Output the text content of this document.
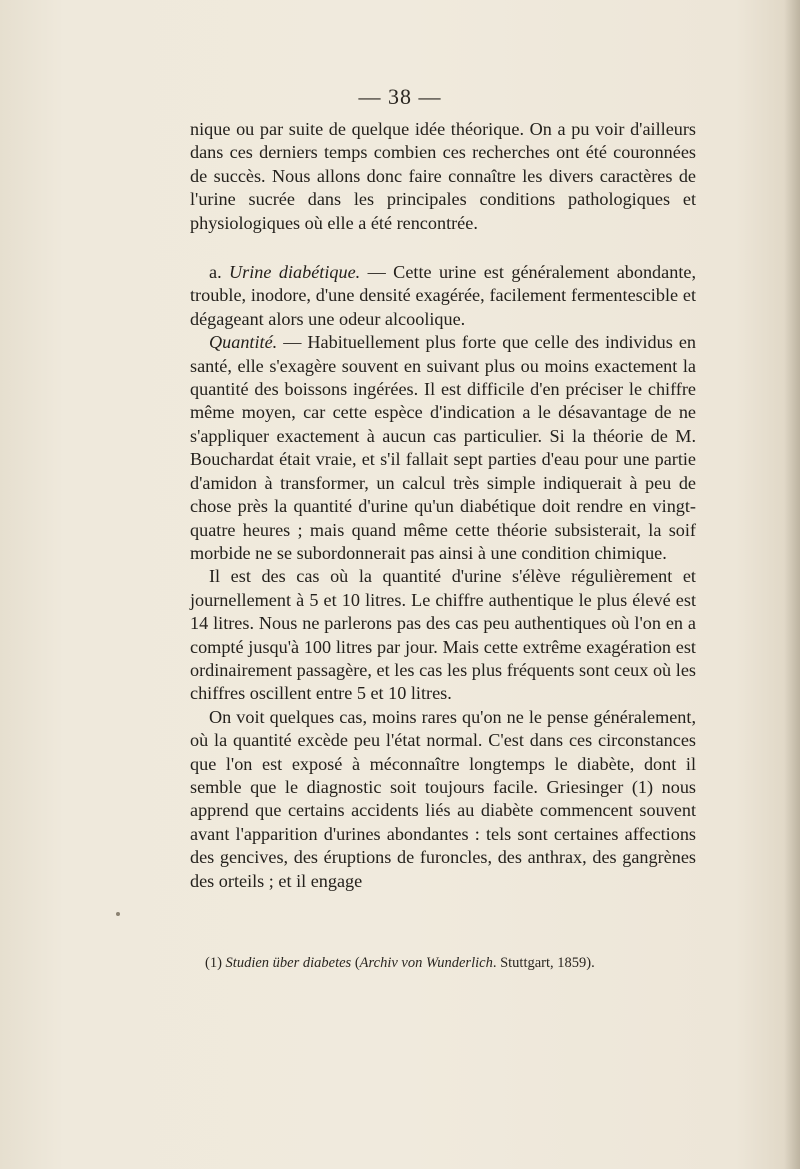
— 38 —

nique ou par suite de quelque idée théorique. On a pu voir d'ailleurs dans ces derniers temps combien ces recherches ont été couronnées de succès. Nous allons donc faire connaître les divers caractères de l'urine sucrée dans les principales conditions pathologiques et physiologiques où elle a été rencontrée.

a. Urine diabétique. — Cette urine est généralement abondante, trouble, inodore, d'une densité exagérée, facilement fermentescible et dégageant alors une odeur alcoolique.

Quantité. — Habituellement plus forte que celle des individus en santé, elle s'exagère souvent en suivant plus ou moins exactement la quantité des boissons ingérées. Il est difficile d'en préciser le chiffre même moyen, car cette espèce d'indication a le désavantage de ne s'appliquer exactement à aucun cas particulier. Si la théorie de M. Bouchardat était vraie, et s'il fallait sept parties d'eau pour une partie d'amidon à transformer, un calcul très simple indiquerait à peu de chose près la quantité d'urine qu'un diabétique doit rendre en vingt-quatre heures ; mais quand même cette théorie subsisterait, la soif morbide ne se subordonnerait pas ainsi à une condition chimique.

Il est des cas où la quantité d'urine s'élève régulièrement et journellement à 5 et 10 litres. Le chiffre authentique le plus élevé est 14 litres. Nous ne parlerons pas des cas peu authentiques où l'on en a compté jusqu'à 100 litres par jour. Mais cette extrême exagération est ordinairement passagère, et les cas les plus fréquents sont ceux où les chiffres oscillent entre 5 et 10 litres.

On voit quelques cas, moins rares qu'on ne le pense généralement, où la quantité excède peu l'état normal. C'est dans ces circonstances que l'on est exposé à méconnaître longtemps le diabète, dont il semble que le diagnostic soit toujours facile. Griesinger (1) nous apprend que certains accidents liés au diabète commencent souvent avant l'apparition d'urines abondantes : tels sont certaines affections des gencives, des éruptions de furoncles, des anthrax, des gangrènes des orteils ; et il engage

(1) Studien über diabetes (Archiv von Wunderlich. Stuttgart, 1859).
